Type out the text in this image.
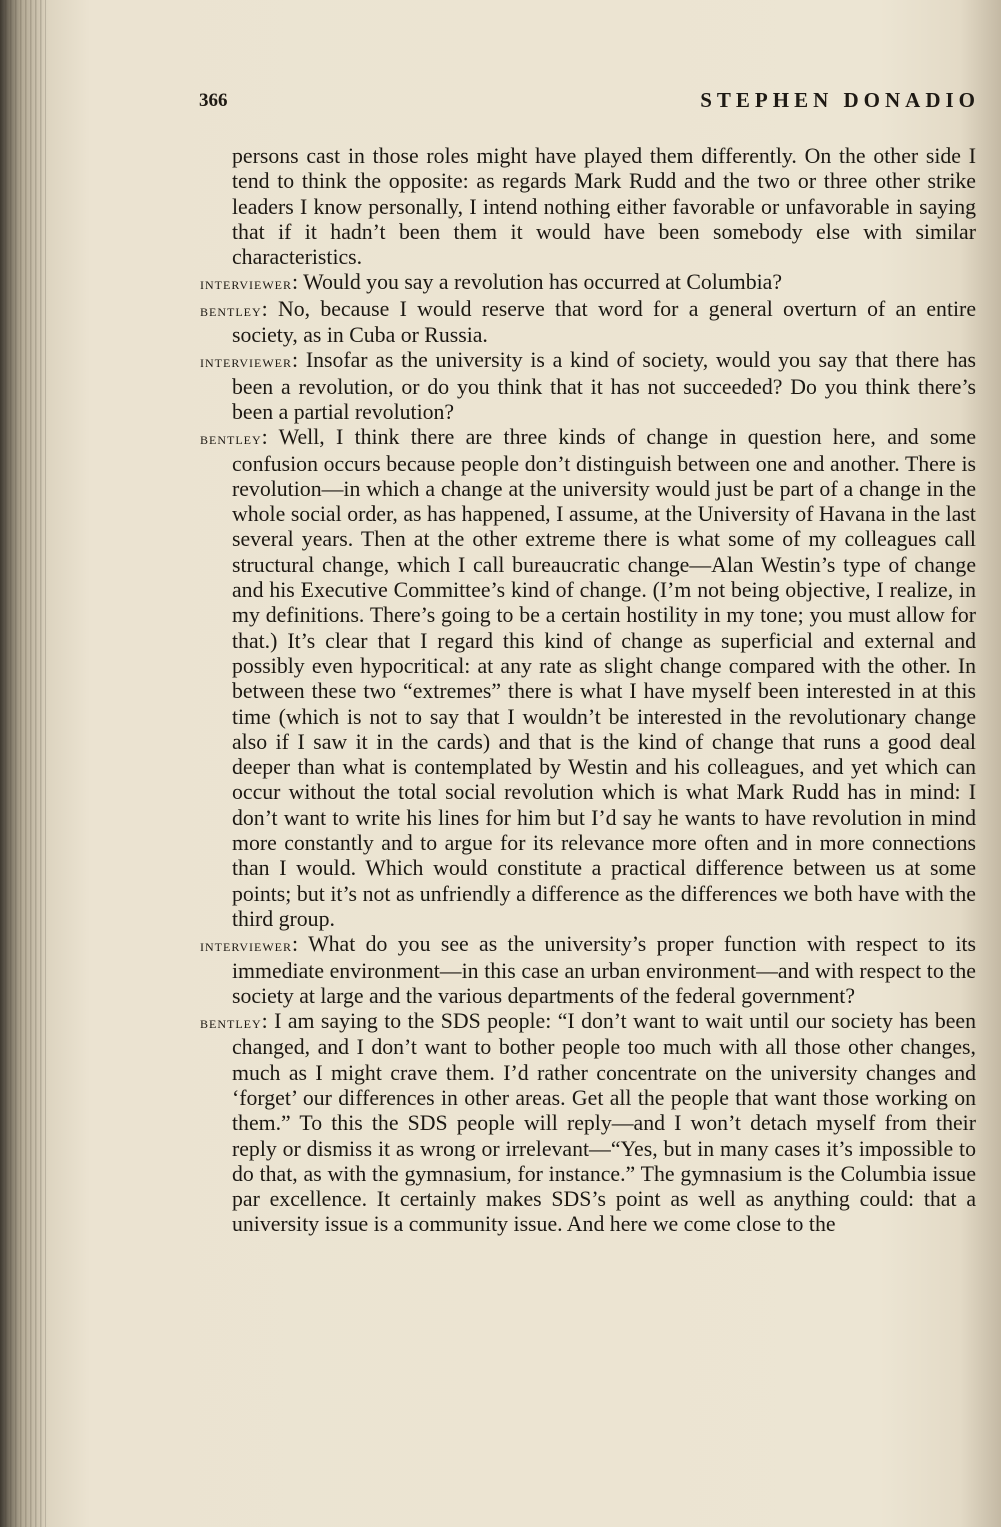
366	STEPHEN DONADIO

persons cast in those roles might have played them differently. On the other side I tend to think the opposite: as regards Mark Rudd and the two or three other strike leaders I know personally, I intend nothing either favorable or unfavorable in saying that if it hadn’t been them it would have been somebody else with similar characteristics.

interviewer: Would you say a revolution has occurred at Columbia?

bentley: No, because I would reserve that word for a general overturn of an entire society, as in Cuba or Russia.

interviewer: Insofar as the university is a kind of society, would you say that there has been a revolution, or do you think that it has not succeeded? Do you think there’s been a partial revolution?

bentley: Well, I think there are three kinds of change in question here, and some confusion occurs because people don’t distinguish between one and another. There is revolution—in which a change at the university would just be part of a change in the whole social order, as has happened, I assume, at the University of Havana in the last several years. Then at the other extreme there is what some of my colleagues call structural change, which I call bureaucratic change—Alan Westin’s type of change and his Executive Committee’s kind of change. (I’m not being objective, I realize, in my definitions. There’s going to be a certain hostility in my tone; you must allow for that.) It’s clear that I regard this kind of change as superficial and external and possibly even hypocritical: at any rate as slight change compared with the other. In between these two “extremes” there is what I have myself been interested in at this time (which is not to say that I wouldn’t be interested in the revolutionary change also if I saw it in the cards) and that is the kind of change that runs a good deal deeper than what is contemplated by Westin and his colleagues, and yet which can occur without the total social revolution which is what Mark Rudd has in mind: I don’t want to write his lines for him but I’d say he wants to have revolution in mind more constantly and to argue for its relevance more often and in more connections than I would. Which would constitute a practical difference between us at some points; but it’s not as unfriendly a difference as the differences we both have with the third group.

interviewer: What do you see as the university’s proper function with respect to its immediate environment—in this case an urban environment—and with respect to the society at large and the various departments of the federal government?

bentley: I am saying to the SDS people: “I don’t want to wait until our society has been changed, and I don’t want to bother people too much with all those other changes, much as I might crave them. I’d rather concentrate on the university changes and ‘forget’ our differences in other areas. Get all the people that want those working on them.” To this the SDS people will reply—and I won’t detach myself from their reply or dismiss it as wrong or irrelevant—“Yes, but in many cases it’s impossible to do that, as with the gymnasium, for instance.” The gymnasium is the Columbia issue par excellence. It certainly makes SDS’s point as well as anything could: that a university issue is a community issue. And here we come close to the
